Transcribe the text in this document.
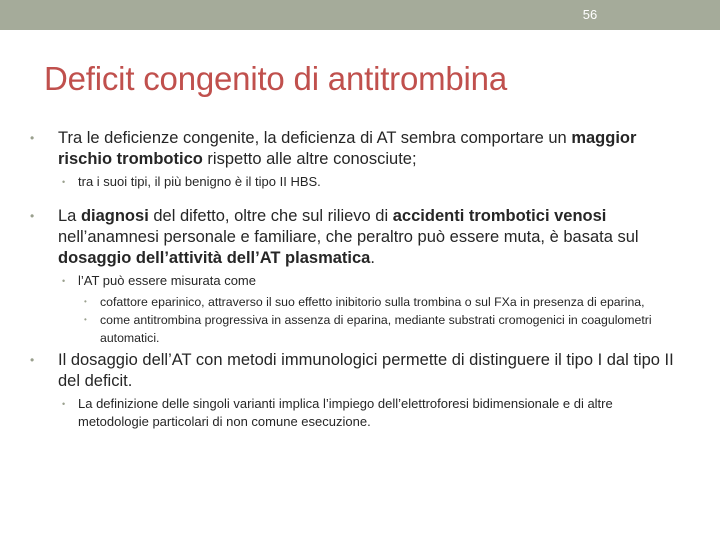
56
Deficit congenito di antitrombina
• Tra le deficienze congenite, la deficienza di AT sembra comportare un maggior rischio trombotico rispetto alle altre conosciute;
• tra i suoi tipi, il più benigno è il tipo II HBS.
• La diagnosi del difetto, oltre che sul rilievo di accidenti trombotici venosi nell’anamnesi personale e familiare, che peraltro può essere muta, è basata sul dosaggio dell’attività dell’AT plasmatica.
• l’AT può essere misurata come
• cofattore eparinico, attraverso il suo effetto inibitorio sulla trombina o sul FXa in presenza di eparina,
• come antitrombina progressiva in assenza di eparina, mediante substrati cromogenici in coagulometri automatici.
• Il dosaggio dell’AT con metodi immunologici permette di distinguere il tipo I dal tipo II del deficit.
• La definizione delle singoli varianti implica l’impiego dell’elettroforesi bidimensionale e di altre metodologie particolari di non comune esecuzione.
